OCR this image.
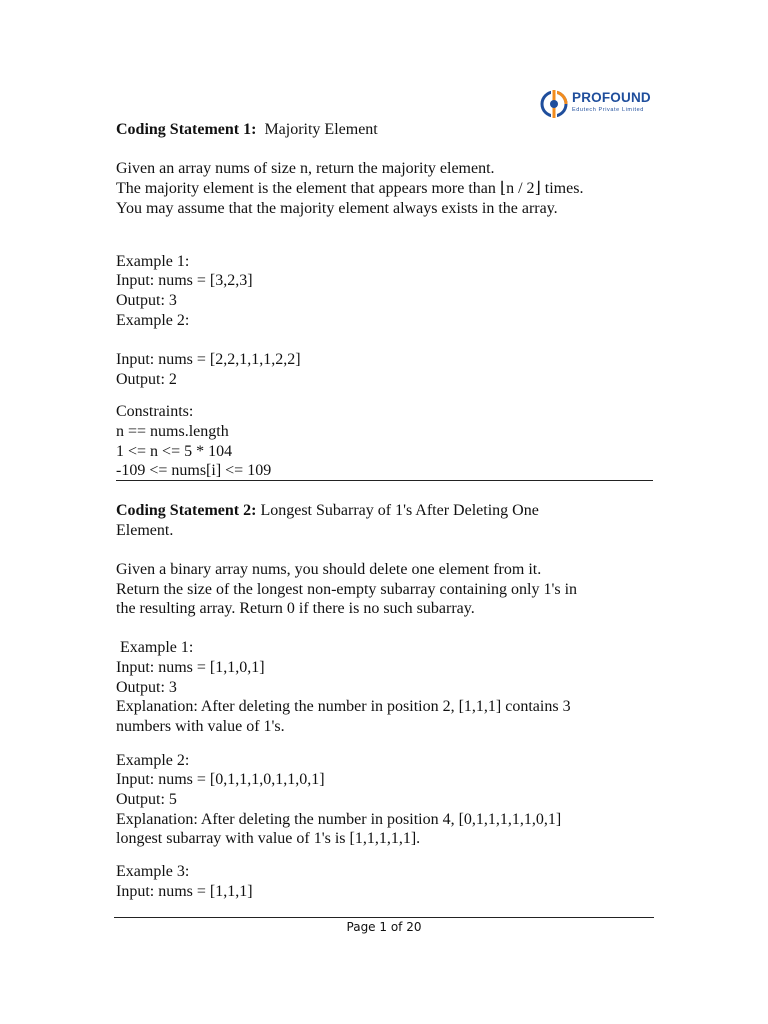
PROFOUND
Edutech Private Limited
Coding Statement 1: Majority Element
Given an array nums of size n, return the majority element.
The majority element is the element that appears more than ⌊n / 2⌋ times.
You may assume that the majority element always exists in the array.
Example 1:
Input: nums = [3,2,3]
Output: 3
Example 2:
Input: nums = [2,2,1,1,1,2,2]
Output: 2
Constraints:
n == nums.length
1 <= n <= 5 * 104
-109 <= nums[i] <= 109
Coding Statement 2: Longest Subarray of 1's After Deleting One
Element.
Given a binary array nums, you should delete one element from it.
Return the size of the longest non-empty subarray containing only 1's in
the resulting array. Return 0 if there is no such subarray.
Example 1:
Input: nums = [1,1,0,1]
Output: 3
Explanation: After deleting the number in position 2, [1,1,1] contains 3
numbers with value of 1's.
Example 2:
Input: nums = [0,1,1,1,0,1,1,0,1]
Output: 5
Explanation: After deleting the number in position 4, [0,1,1,1,1,1,0,1]
longest subarray with value of 1's is [1,1,1,1,1].
Example 3:
Input: nums = [1,1,1]
Page 1 of 20
